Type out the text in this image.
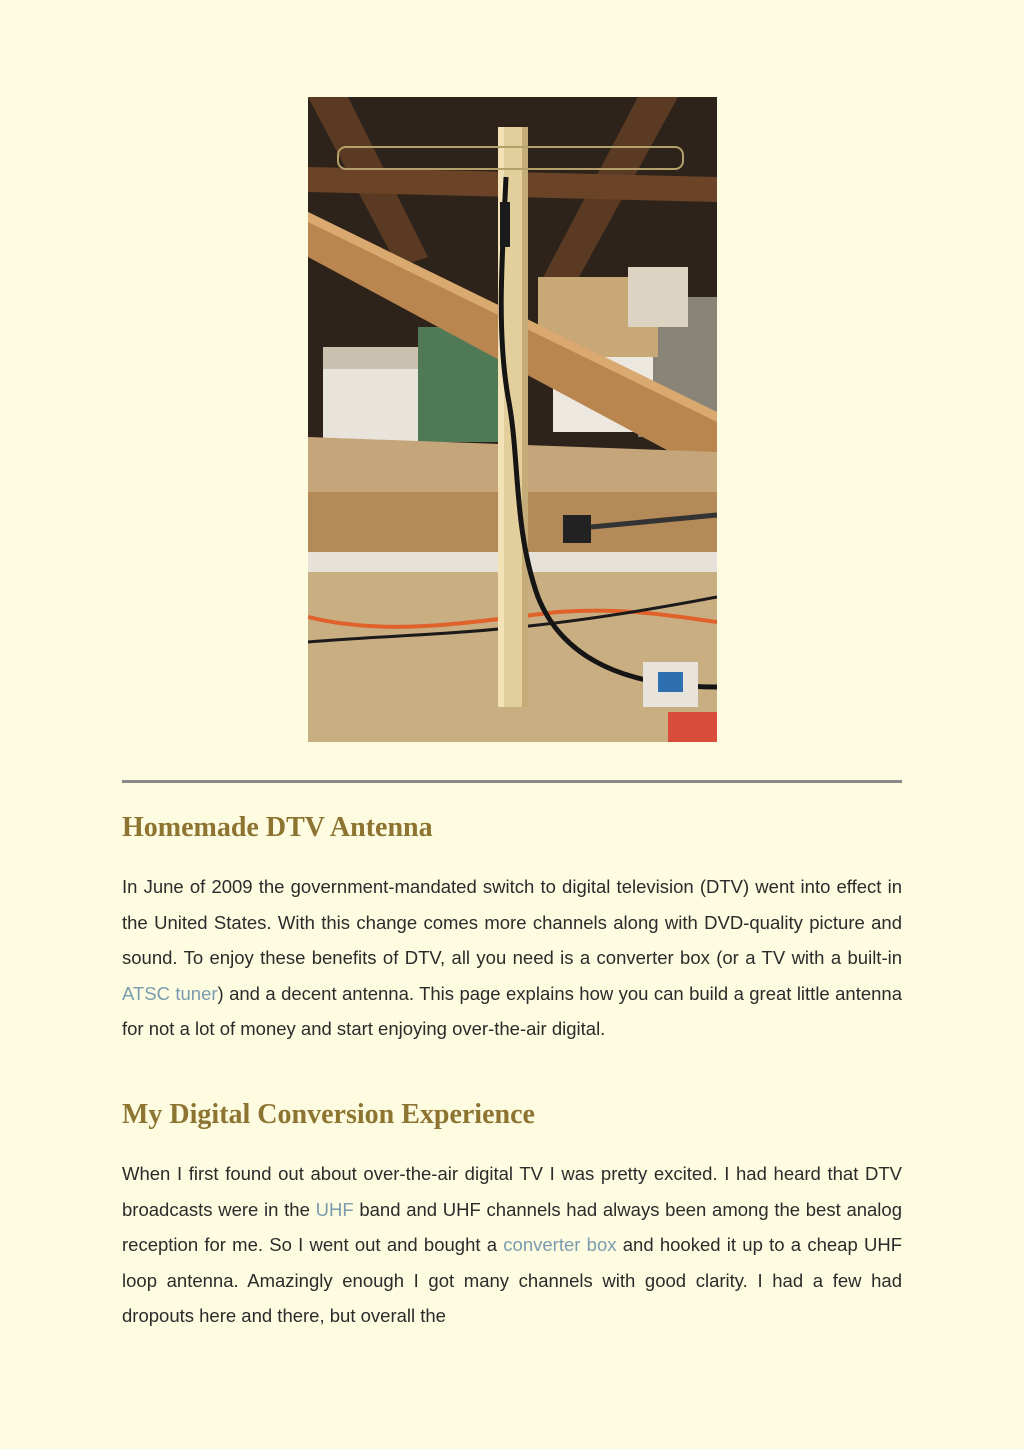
Homemade DTV Antenna

In June of 2009 the government-mandated switch to digital television (DTV) went into effect in the United States. With this change comes more channels along with DVD-quality picture and sound. To enjoy these benefits of DTV, all you need is a converter box (or a TV with a built-in ATSC tuner) and a decent antenna. This page explains how you can build a great little antenna for not a lot of money and start enjoying over-the-air digital.

My Digital Conversion Experience

When I first found out about over-the-air digital TV I was pretty excited. I had heard that DTV broadcasts were in the UHF band and UHF channels had always been among the best analog reception for me. So I went out and bought a converter box and hooked it up to a cheap UHF loop antenna. Amazingly enough I got many channels with good clarity. I had a few had dropouts here and there, but overall the
